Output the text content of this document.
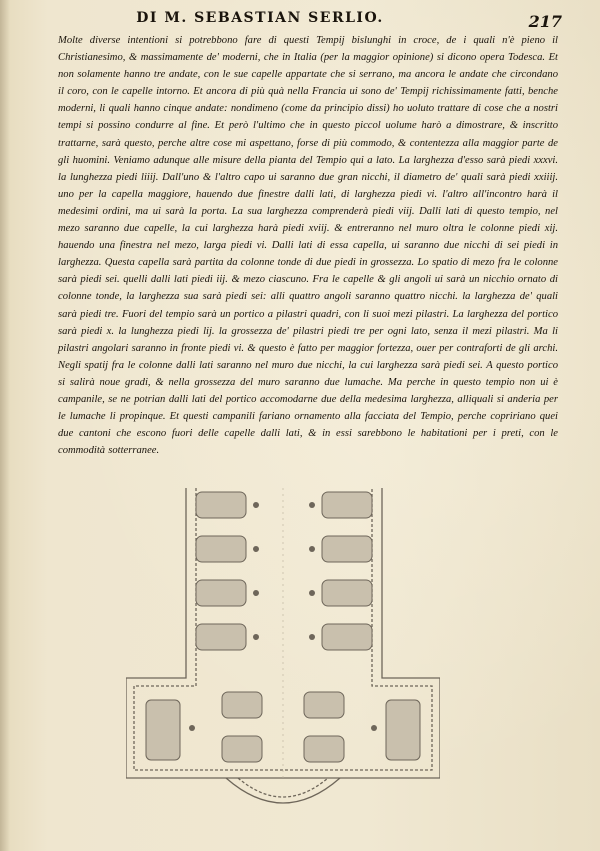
DI M. SEBASTIAN SERLIO.	217

Molte diverse intentioni si potrebbono fare di questi Tempij bislunghi in croce, de i quali n'è pieno il Christianesimo, & massimamente de' moderni, che in Italia (per la maggior opinione) si dicono opera Todesca. Et non solamente hanno tre andate, con le sue capelle appartate che si serrano, ma ancora le andate che circondano il coro, con le capelle intorno. Et ancora di più quà nella Francia ui sono de' Tempij richissimamente fatti, benche moderni, li quali hanno cinque andate: nondimeno (come da principio dissi) ho uoluto trattare di cose che a nostri tempi si possino condurre al fine. Et però l'ultimo che in questo piccol uolume harò a dimostrare, & inscritto trattarne, sarà questo, perche altre cose mi aspettano, forse di più commodo, & contentezza alla maggior parte de gli huomini. Veniamo adunque alle misure della pianta del Tempio qui a lato. La larghezza d'esso sarà piedi xxxvi. la lunghezza piedi liiij. Dall'uno & l'altro capo ui saranno due gran nicchi, il diametro de' quali sarà piedi xxiiij. uno per la capella maggiore, hauendo due finestre dalli lati, di larghezza piedi vi. l'altro all'incontro harà il medesimi ordini, ma ui sarà la porta. La sua larghezza comprenderà piedi viij. Dalli lati di questo tempio, nel mezo saranno due capelle, la cui larghezza harà piedi xviij. & entreranno nel muro oltra le colonne piedi xij. hauendo una finestra nel mezo, larga piedi vi. Dalli lati di essa capella, ui saranno due nicchi di sei piedi in larghezza. Questa capella sarà partita da colonne tonde di due piedi in grossezza. Lo spatio di mezo fra le colonne sarà piedi sei. quelli dalli lati piedi iij. & mezo ciascuno. Fra le capelle & gli angoli ui sarà un nicchio ornato di colonne tonde, la larghezza sua sarà piedi sei: alli quattro angoli saranno quattro nicchi. la larghezza de' quali sarà piedi tre. Fuori del tempio sarà un portico a pilastri quadri, con li suoi mezi pilastri. La larghezza del portico sarà piedi x. la lunghezza piedi lij. la grossezza de' pilastri piedi tre per ogni lato, senza il mezi pilastri. Ma li pilastri angolari saranno in fronte piedi vi. & questo è fatto per maggior fortezza, ouer per contraforti de gli archi. Negli spatij fra le colonne dalli lati saranno nel muro due nicchi, la cui larghezza sarà piedi sei. A questo portico si salirà noue gradi, & nella grossezza del muro saranno due lumache. Ma perche in questo tempio non ui è campanile, se ne potrian dalli lati del portico accomodarne due della medesima larghezza, alliquali si anderia per le lumache li propinque. Et questi campanili fariano ornamento alla facciata del Tempio, perche copririano quei due cantoni che escono fuori delle capelle dalli lati, & in essi sarebbono le habitationi per i preti, con le commodità sotterranee.
